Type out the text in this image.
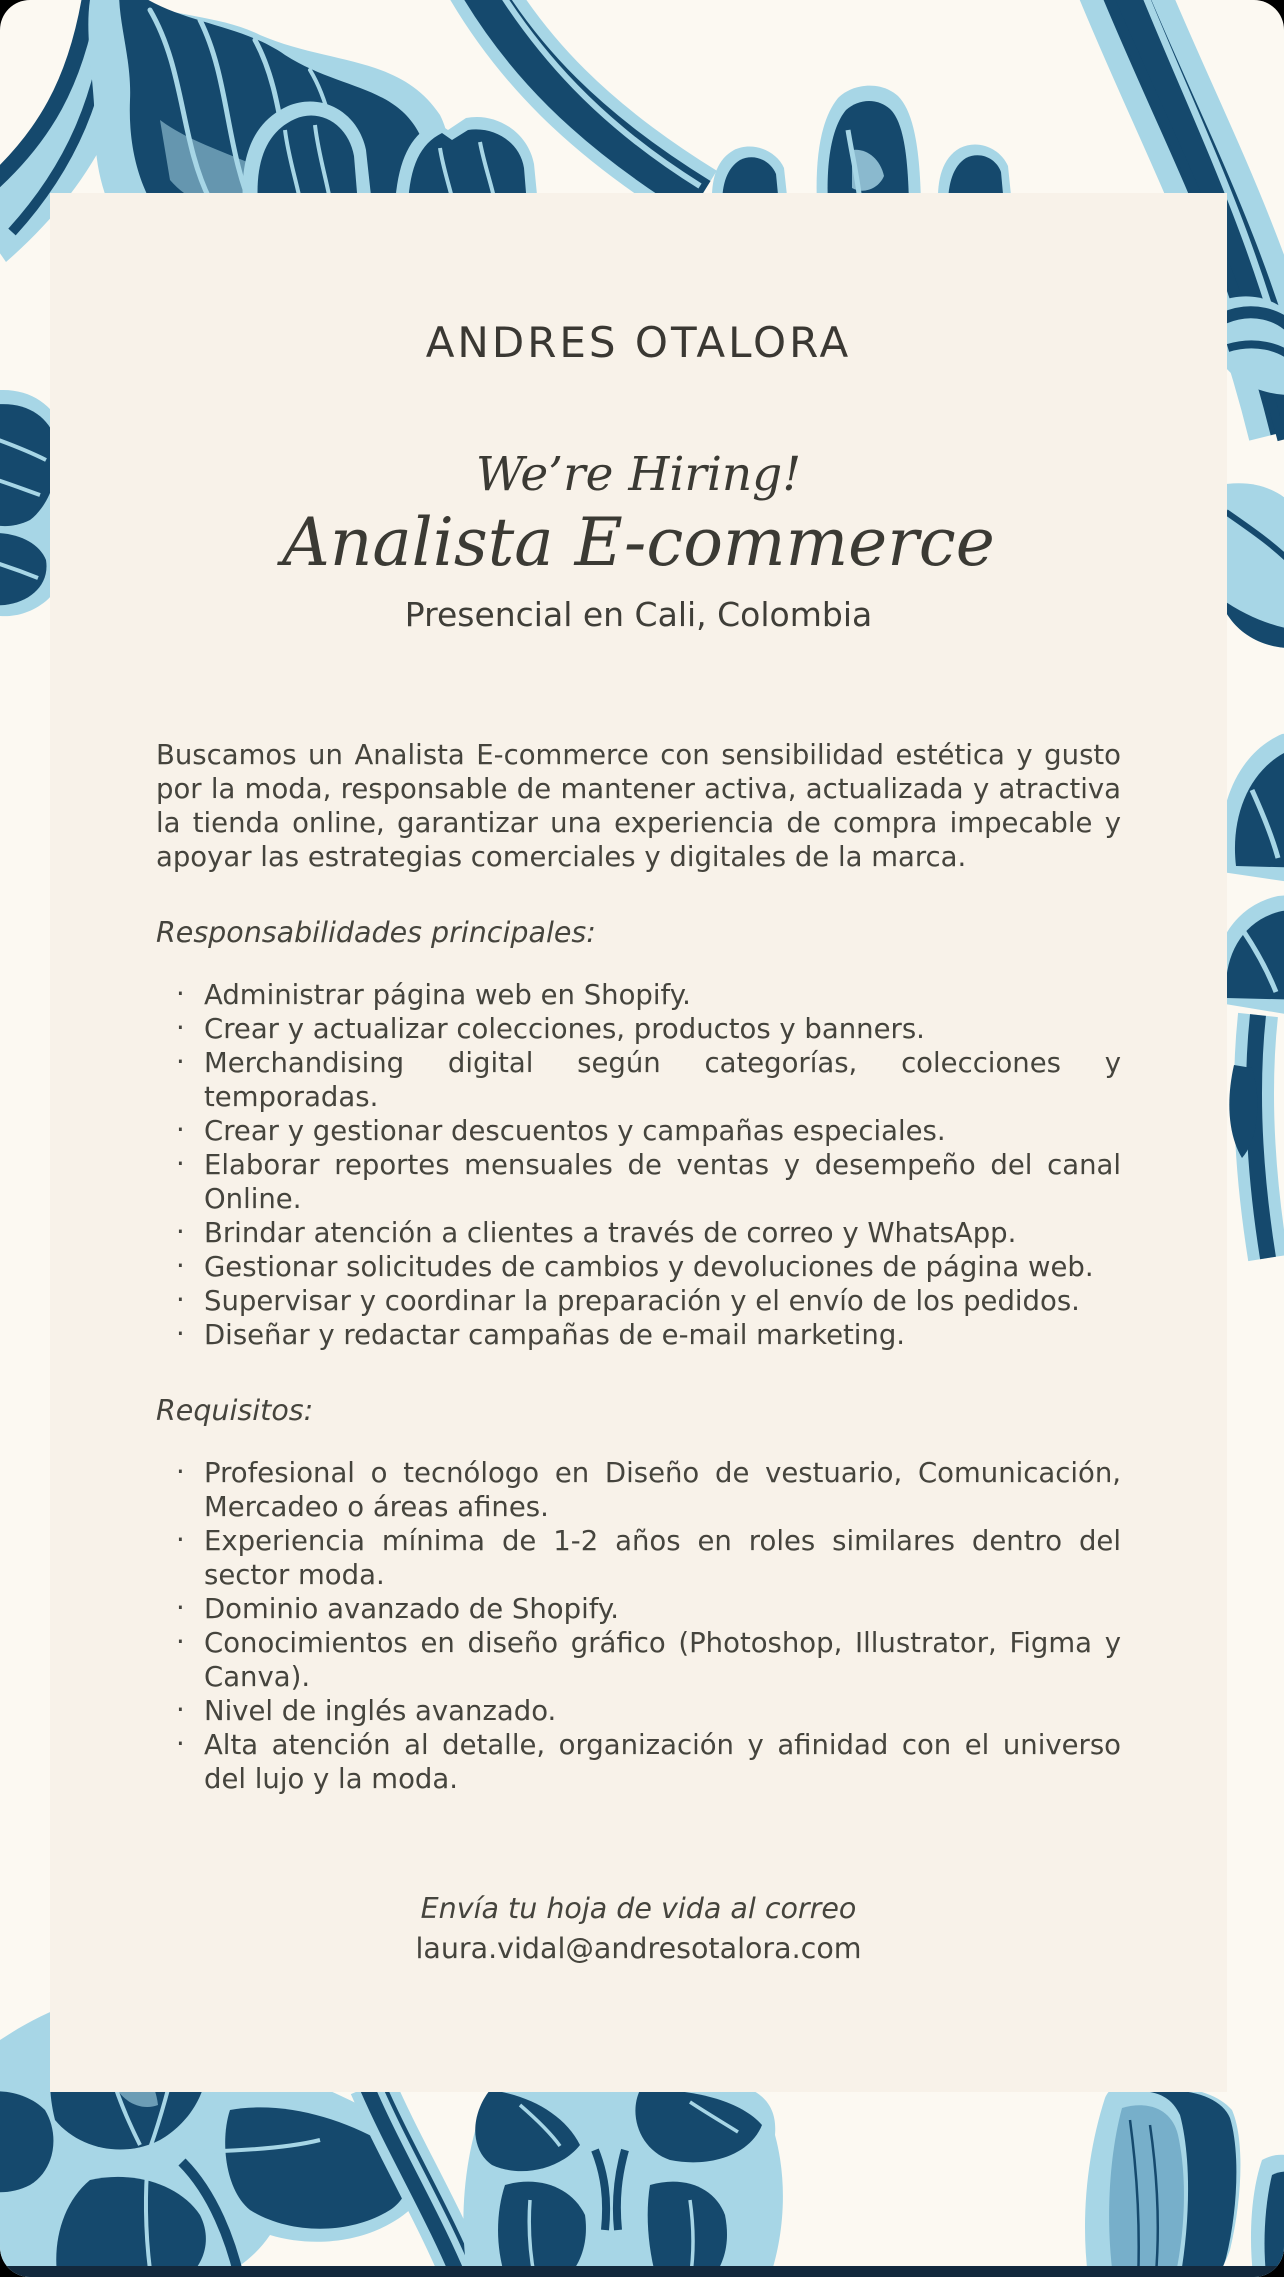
ANDRES OTALORA
We’re Hiring!
Analista E-commerce
Presencial en Cali, Colombia

Buscamos un Analista E-commerce con sensibilidad estética y gusto por la moda, responsable de mantener activa, actualizada y atractiva la tienda online, garantizar una experiencia de compra impecable y apoyar las estrategias comerciales y digitales de la marca.

Responsabilidades principales:
· Administrar página web en Shopify.
· Crear y actualizar colecciones, productos y banners.
· Merchandising digital según categorías, colecciones y temporadas.
· Crear y gestionar descuentos y campañas especiales.
· Elaborar reportes mensuales de ventas y desempeño del canal Online.
· Brindar atención a clientes a través de correo y WhatsApp.
· Gestionar solicitudes de cambios y devoluciones de página web.
· Supervisar y coordinar la preparación y el envío de los pedidos.
· Diseñar y redactar campañas de e-mail marketing.
Requisitos:
· Profesional o tecnólogo en Diseño de vestuario, Comunicación, Mercadeo o áreas afines.
· Experiencia mínima de 1-2 años en roles similares dentro del sector moda.
· Dominio avanzado de Shopify.
· Conocimientos en diseño gráfico (Photoshop, Illustrator, Figma y Canva).
· Nivel de inglés avanzado.
· Alta atención al detalle, organización y afinidad con el universo del lujo y la moda.
Envía tu hoja de vida al correo
laura.vidal@andresotalora.com
